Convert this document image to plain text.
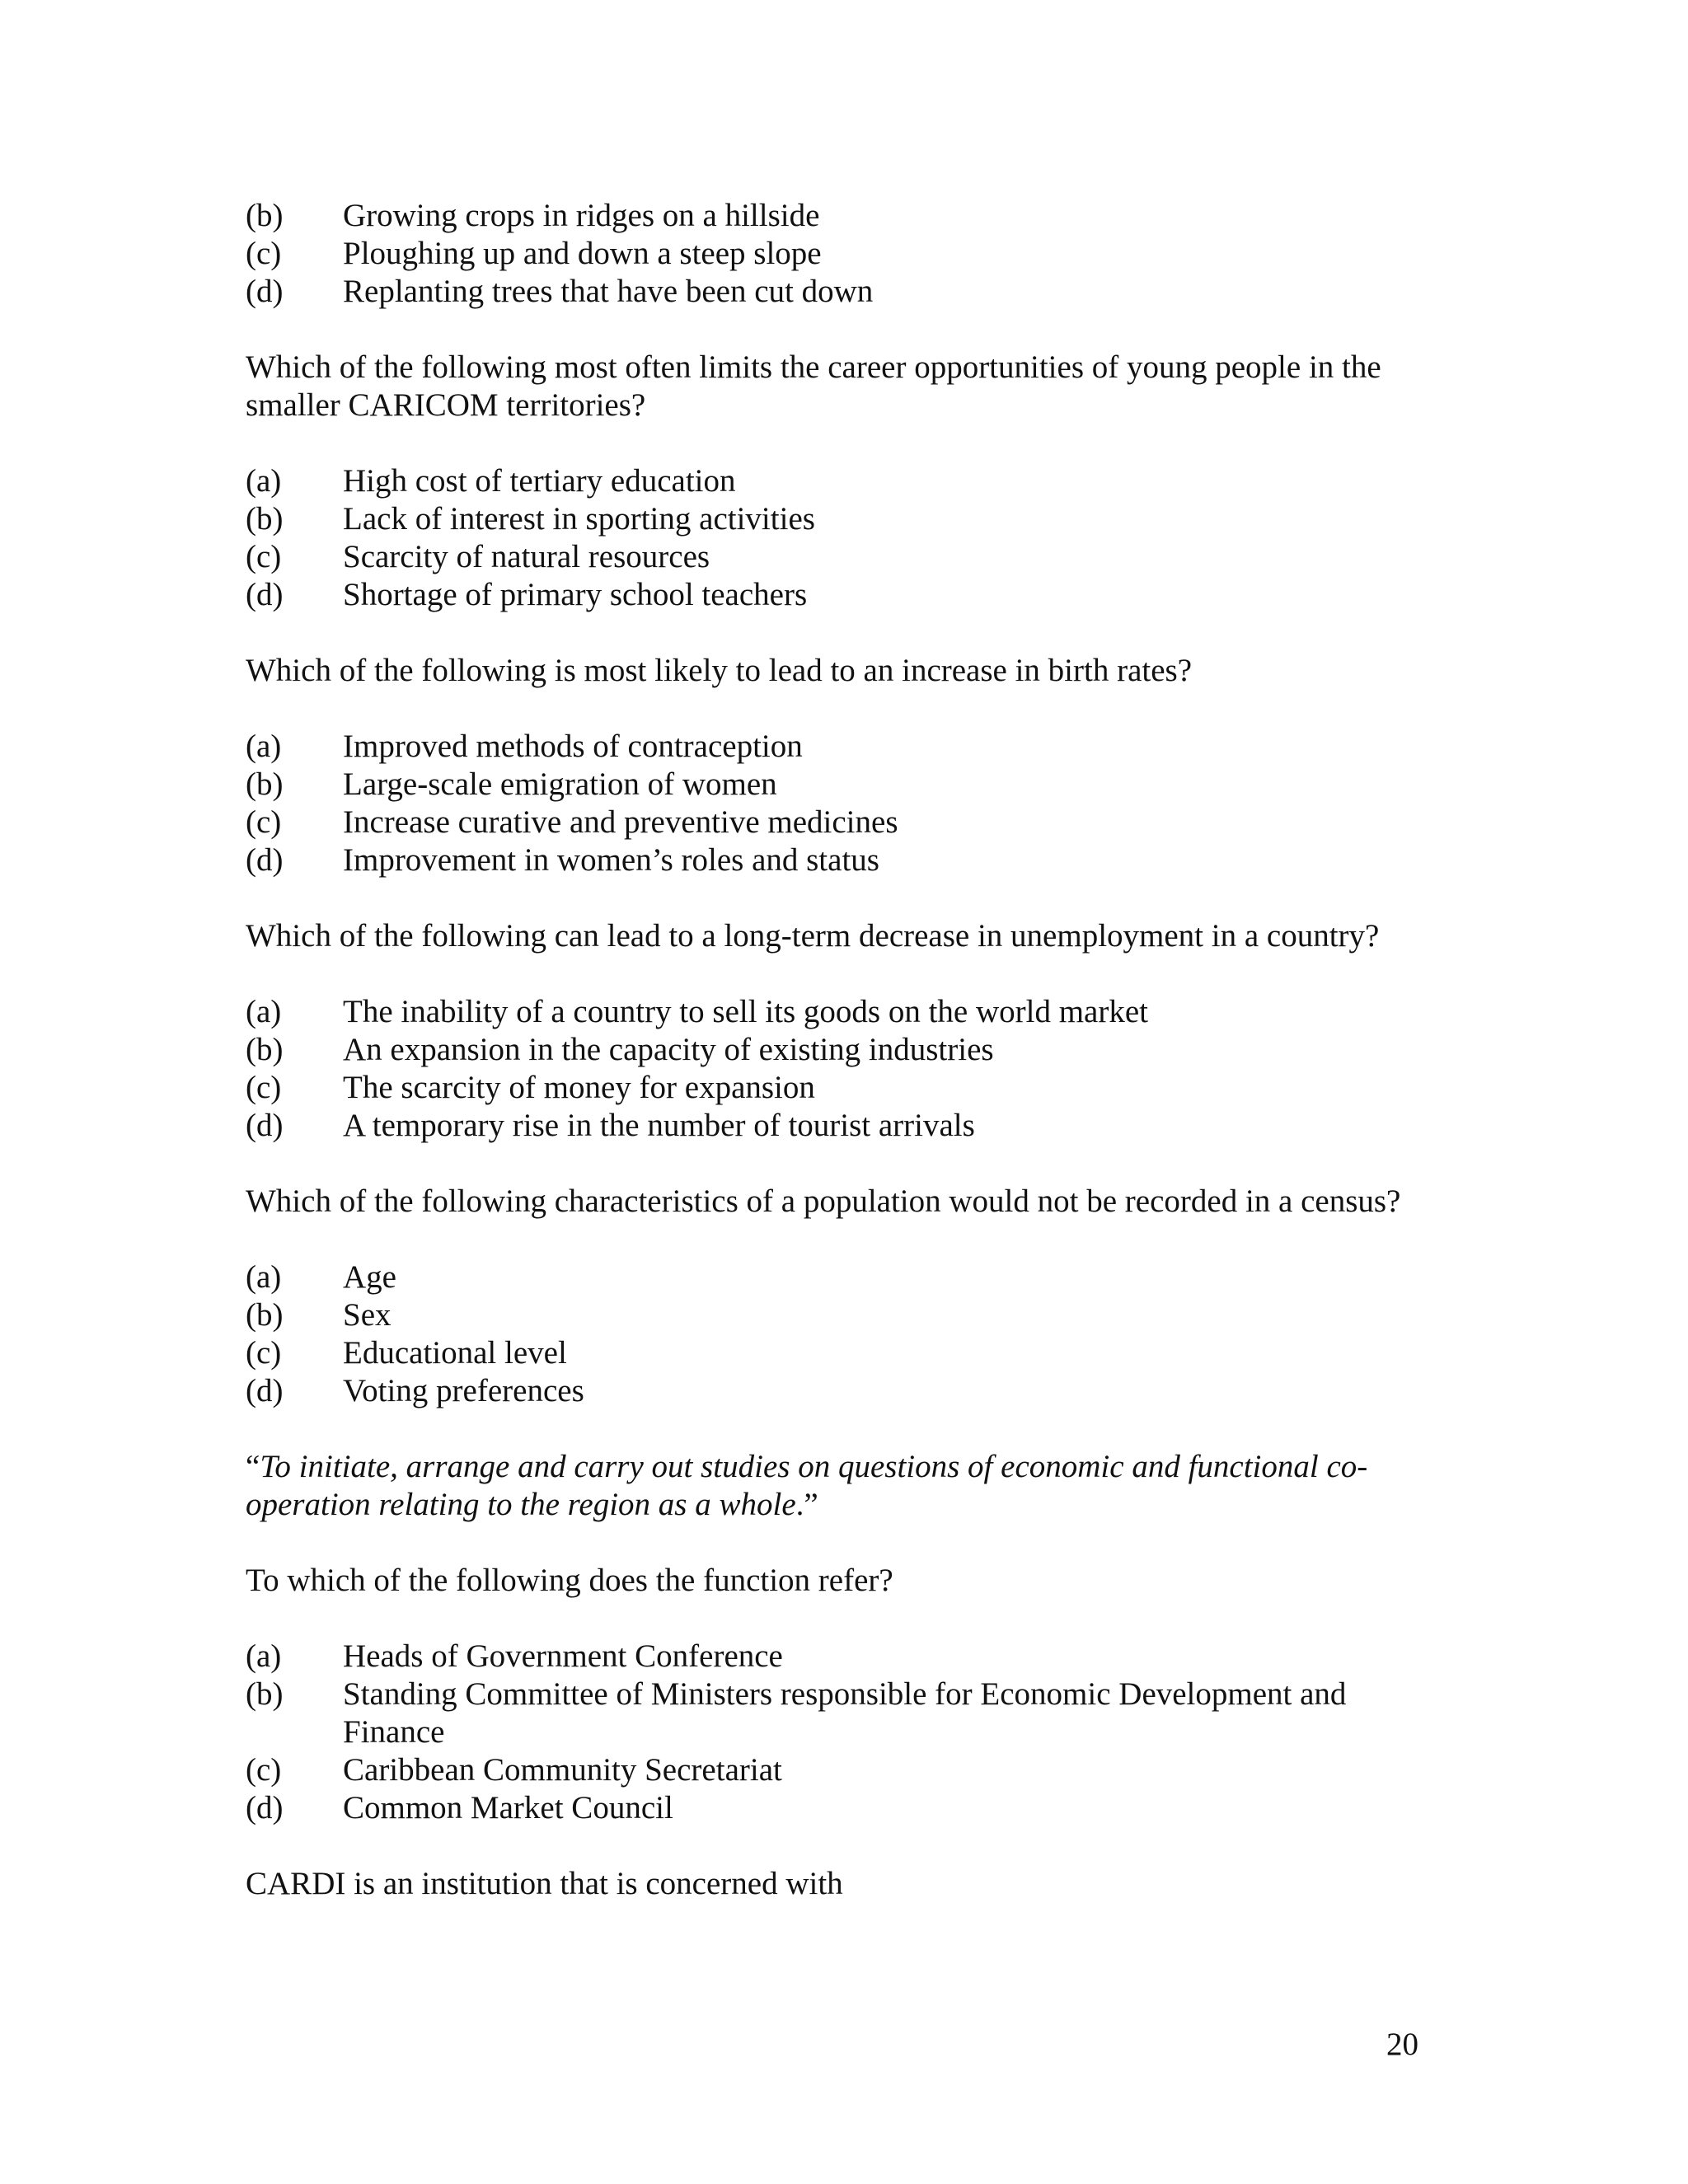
(b)	Growing crops in ridges on a hillside
(c)	Ploughing up and down a steep slope
(d)	Replanting trees that have been cut down

Which of the following most often limits the career opportunities of young people in the smaller CARICOM territories?

(a)	High cost of tertiary education
(b)	Lack of interest in sporting activities
(c)	Scarcity of natural resources
(d)	Shortage of primary school teachers

Which of the following is most likely to lead to an increase in birth rates?

(a)	Improved methods of contraception
(b)	Large-scale emigration of women
(c)	Increase curative and preventive medicines
(d)	Improvement in women’s roles and status

Which of the following can lead to a long-term decrease in unemployment in a country?

(a)	The inability of a country to sell its goods on the world market
(b)	An expansion in the capacity of existing industries
(c)	The scarcity of money for expansion
(d)	A temporary rise in the number of tourist arrivals

Which of the following characteristics of a population would not be recorded in a census?

(a)	Age
(b)	Sex
(c)	Educational level
(d)	Voting preferences

“To initiate, arrange and carry out studies on questions of economic and functional co-operation relating to the region as a whole.”

To which of the following does the function refer?

(a)	Heads of Government Conference
(b)	Standing Committee of Ministers responsible for Economic Development and Finance
(c)	Caribbean Community Secretariat
(d)	Common Market Council

CARDI is an institution that is concerned with

20
